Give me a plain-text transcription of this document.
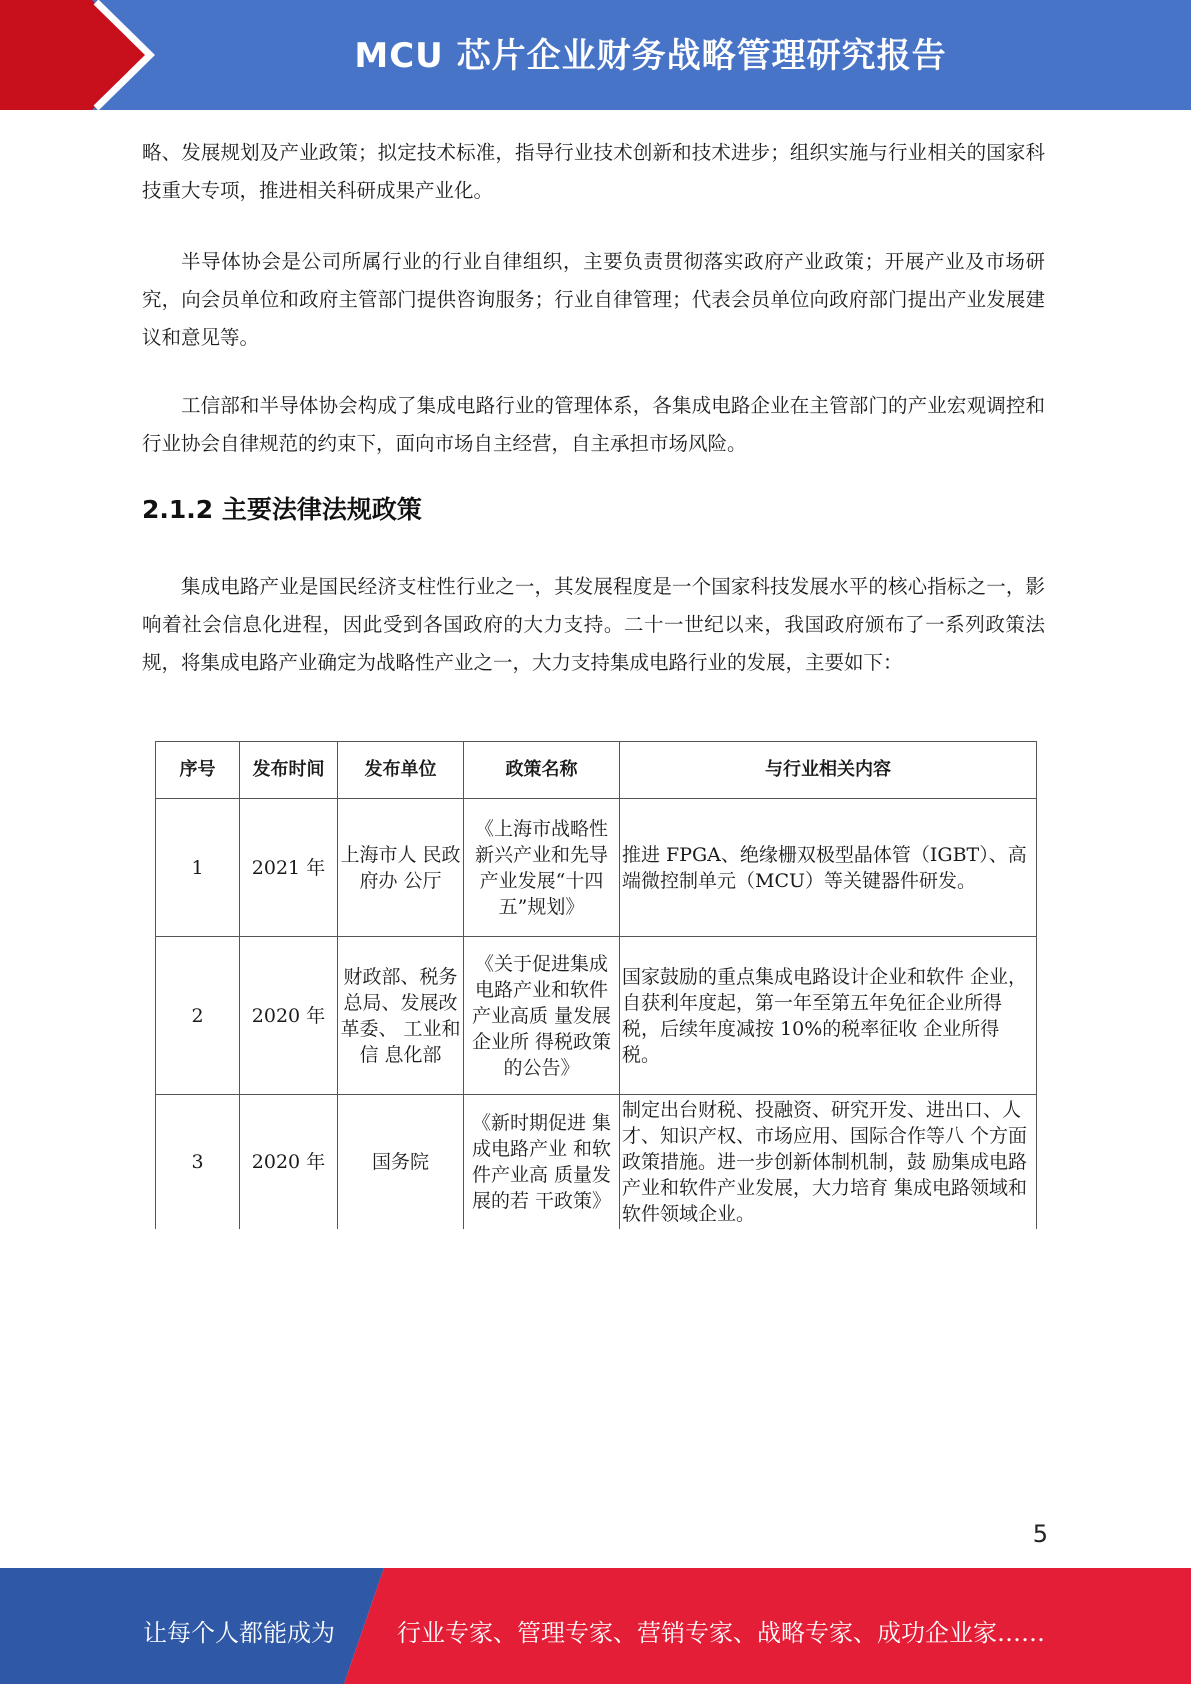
MCU 芯片企业财务战略管理研究报告

略、发展规划及产业政策；拟定技术标准，指导行业技术创新和技术进步；组织实施与行业相关的国家科技重大专项，推进相关科研成果产业化。

半导体协会是公司所属行业的行业自律组织，主要负责贯彻落实政府产业政策；开展产业及市场研究，向会员单位和政府主管部门提供咨询服务；行业自律管理；代表会员单位向政府部门提出产业发展建议和意见等。

工信部和半导体协会构成了集成电路行业的管理体系，各集成电路企业在主管部门的产业宏观调控和行业协会自律规范的约束下，面向市场自主经营，自主承担市场风险。

2.1.2 主要法律法规政策

集成电路产业是国民经济支柱性行业之一，其发展程度是一个国家科技发展水平的核心指标之一，影响着社会信息化进程，因此受到各国政府的大力支持。二十一世纪以来，我国政府颁布了一系列政策法规，将集成电路产业确定为战略性产业之一，大力支持集成电路行业的发展，主要如下：

序号	发布时间	发布单位	政策名称	与行业相关内容
1	2021 年	上海市人 民政府办 公厅	《上海市战略性新兴产业和先导产业发展“十四五”规划》	推进 FPGA、绝缘栅双极型晶体管（IGBT）、高端微控制单元（MCU）等关键器件研发。
2	2020 年	财政部、税务总局、发展改革委、 工业和信 息化部	《关于促进集成电路产业和软件产业高质 量发展企业所 得税政策的公告》	国家鼓励的重点集成电路设计企业和软件 企业，自获利年度起，第一年至第五年免征企业所得税，后续年度减按 10%的税率征收 企业所得税。
3	2020 年	国务院	《新时期促进 集成电路产业 和软件产业高 质量发展的若 干政策》	制定出台财税、投融资、研究开发、进出口、人才、知识产权、市场应用、国际合作等八 个方面政策措施。进一步创新体制机制，鼓 励集成电路产业和软件产业发展，大力培育 集成电路领域和软件领域企业。
5
让每个人都能成为	行业专家、管理专家、营销专家、战略专家、成功企业家……
